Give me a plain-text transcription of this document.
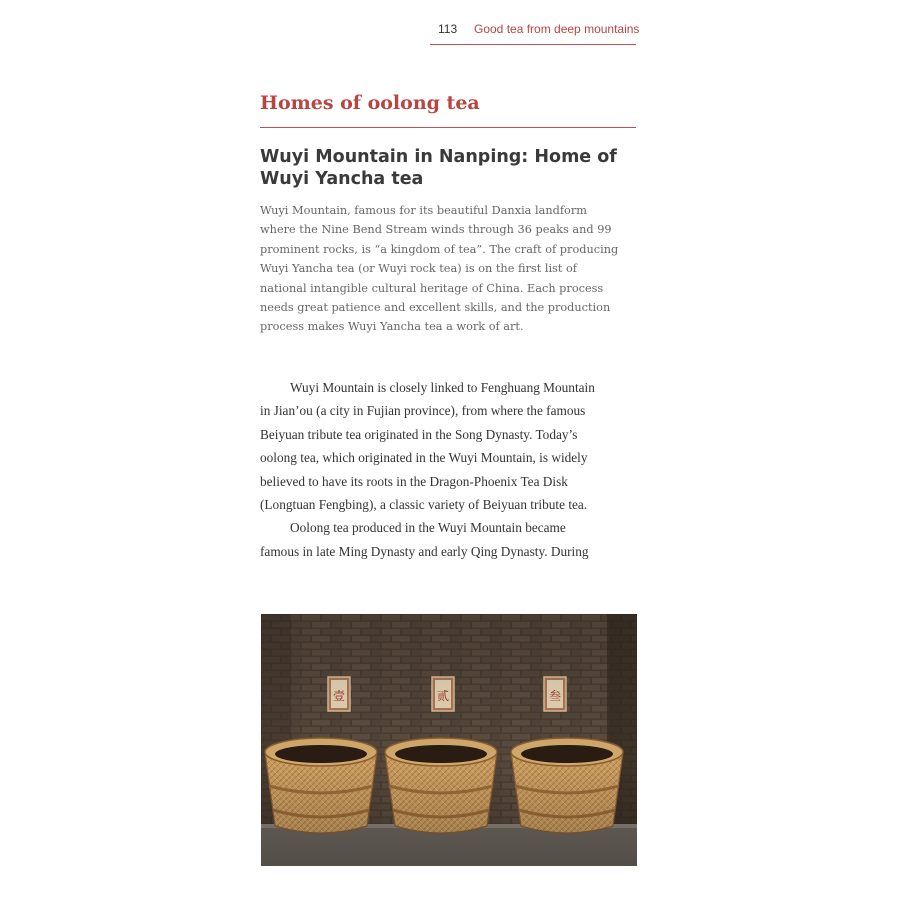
113 Good tea from deep mountains
Homes of oolong tea
Wuyi Mountain in Nanping: Home of
Wuyi Yancha tea
Wuyi Mountain, famous for its beautiful Danxia landform
where the Nine Bend Stream winds through 36 peaks and 99
prominent rocks, is “a kingdom of tea”. The craft of producing
Wuyi Yancha tea (or Wuyi rock tea) is on the first list of
national intangible cultural heritage of China. Each process
needs great patience and excellent skills, and the production
process makes Wuyi Yancha tea a work of art.
Wuyi Mountain is closely linked to Fenghuang Mountain
in Jian’ou (a city in Fujian province), from where the famous
Beiyuan tribute tea originated in the Song Dynasty. Today’s
oolong tea, which originated in the Wuyi Mountain, is widely
believed to have its roots in the Dragon-Phoenix Tea Disk
(Longtuan Fengbing), a classic variety of Beiyuan tribute tea.
Oolong tea produced in the Wuyi Mountain became
famous in late Ming Dynasty and early Qing Dynasty. During
